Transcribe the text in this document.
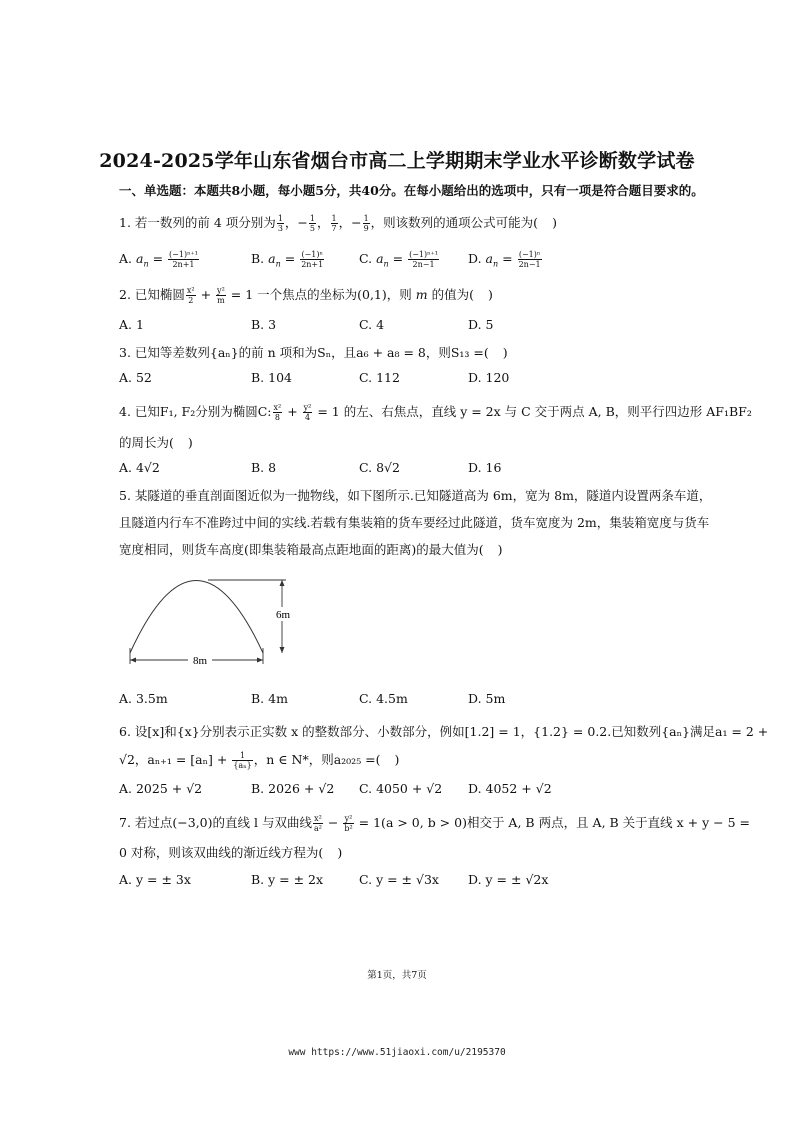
2024-2025学年山东省烟台市高二上学期期末学业水平诊断数学试卷
一、单选题：本题共8小题，每小题5分，共40分。在每小题给出的选项中，只有一项是符合题目要求的。
1. 若一数列的前 4 项分别为 $\frac{1}{3}$ ，− $\frac{1}{5}$ ， $\frac{1}{7}$ ，− $\frac{1}{9}$ ，则该数列的通项公式可能为( )
A. $a_n = \frac{\text{(−1)ⁿ⁺¹}}{2n+1}$	B. $a_n = \frac{\text{(−1)ⁿ}}{2n+1}$	C. $a_n = \frac{\text{(−1)ⁿ⁺¹}}{2n-1} D$. $a_n = \frac{\text{(−1)ⁿ}}{2n-1}$
2. 已知椭圆 $\frac{\text{x²}}{2} + \frac{\text{y²}}{m} = 1$ 一个焦点的坐标为(0,1)，则 m 的值为( )
A. 1	B. 3	C. 4	D. 5
3. 已知等差数列{aₙ}的前 n 项和为Sₙ，且a₆ + a₈ = 8，则S₁₃ =( )
A. 52	B. 104	C. 112	D. 120
4. 已知F₁, F₂分别为椭圆C: $\frac{\text{x²}}{8} + \frac{\text{y²}}{4} = 1$ 的左、右焦点，直线 y = 2x 与 C 交于两点 A, B，则平行四边形 AF₁BF₂
的周长为( )
A. 4√2	B. 8	C. 8√2	D. 16
5. 某隧道的垂直剖面图近似为一抛物线，如下图所示.已知隧道高为 6m，宽为 8m，隧道内设置两条车道，
且隧道内行车不准跨过中间的实线.若载有集装箱的货车要经过此隧道，货车宽度为 2m，集装箱宽度与货车
宽度相同，则货车高度(即集装箱最高点距地面的距离)的最大值为( )
6m
8m
A. 3.5m	B. 4m	C. 4.5m	D. 5m
6. 设[x]和{x}分别表示正实数 x 的整数部分、小数部分，例如[1.2] = 1，{1.2} = 0.2.已知数列{aₙ}满足a₁ = 2 +
√2，$a_{n+1} = [a_n] + \frac{1}{\text{\{aₙ\}}}$ ，n ∈ N*，则a₂₀₂₅ =( )
A. 2025 + √2	B. 2026 + √2 C. 4050 + √2 D. 4052 + √2
7. 若过点(−3,0)的直线 l 与双曲线 $\frac{\text{x²}}{\text{a²}} - \frac{\text{y²}}{\text{b²}} = 1(a > 0$, b > 0)相交于 A, B 两点，且 A, B 关于直线 x + y − 5 =
0 对称，则该双曲线的渐近线方程为( )
A. y = ± 3x	B. y = ± 2x	C. y = ± √3x D. y = ± √2x
第1页，共7页
www https://www.51jiaoxi.com/u/2195370
